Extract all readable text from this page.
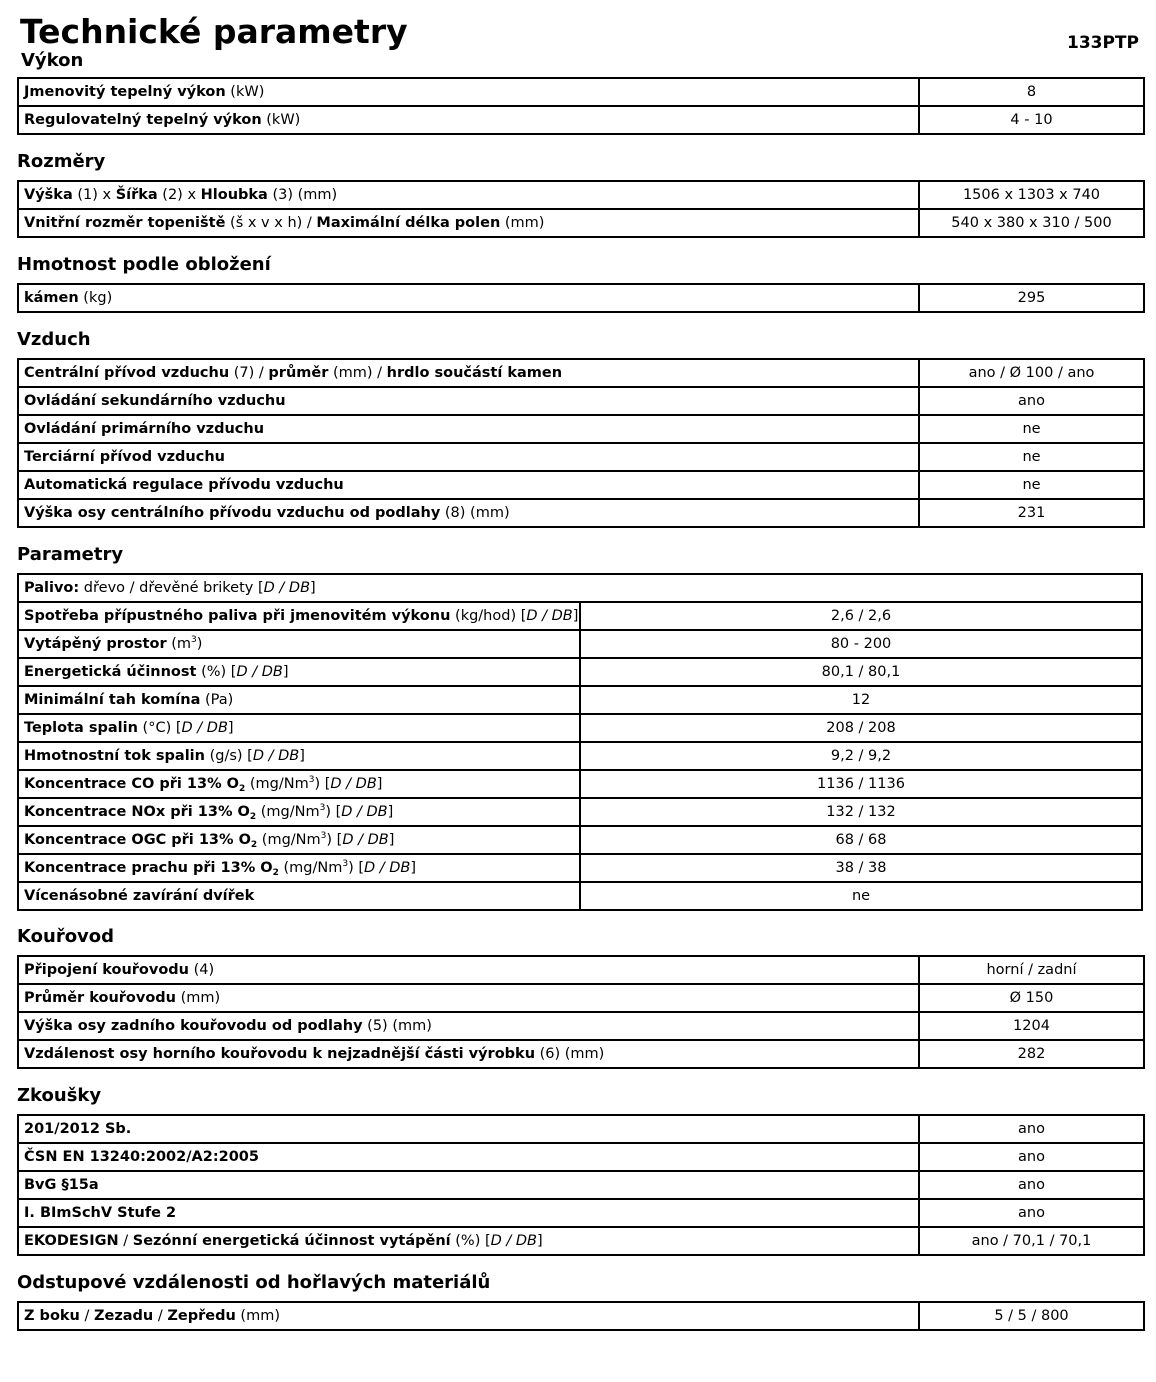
Technické parametry	133PTP
Výkon
Jmenovitý tepelný výkon (kW)	8
Regulovatelný tepelný výkon (kW)	4 - 10
Rozměry
Výška (1) x Šířka (2) x Hloubka (3) (mm)	1506 x 1303 x 740
Vnitřní rozměr topeniště (š x v x h) / Maximální délka polen (mm)	540 x 380 x 310 / 500
Hmotnost podle obložení
kámen (kg)	295
Vzduch
Centrální přívod vzduchu (7) / průměr (mm) / hrdlo součástí kamen	ano / Ø 100 / ano
Ovládání sekundárního vzduchu	ano
Ovládání primárního vzduchu	ne
Terciární přívod vzduchu	ne
Automatická regulace přívodu vzduchu	ne
Výška osy centrálního přívodu vzduchu od podlahy (8) (mm)	231
Parametry
Palivo: dřevo / dřevěné brikety [D / DB]	
Spotřeba přípustného paliva při jmenovitém výkonu (kg/hod) [D / DB]	2,6 / 2,6
Vytápěný prostor $(m^3)$	80 - 200
Energetická účinnost (%) [D / DB]	80,1 / 80,1
Minimální tah komína (Pa)	12
Teplota spalin (°C) [D / DB]	208 / 208
Hmotnostní tok spalin (g/s) [D / DB]	9,2 / 9,2
Koncentrace CO při 13% $O_2$ (mg/Nm$^3$) [D / DB]	1136 / 1136
Koncentrace NOx při 13% $O_2$ (mg/Nm$^3$) [D / DB]	132 / 132
Koncentrace OGC při 13% $O_2$ (mg/Nm$^3$) [D / DB]	68 / 68
Koncentrace prachu při 13% $O_2$ (mg/Nm$^3$) [D / DB]	38 / 38
Vícenásobné zavírání dvířek	ne
Kouřovod
Připojení kouřovodu (4)	horní / zadní
Průměr kouřovodu (mm)	Ø 150
Výška osy zadního kouřovodu od podlahy (5) (mm)	1204
Vzdálenost osy horního kouřovodu k nejzadnější části výrobku (6) (mm)	282
Zkoušky
201/2012 Sb.	ano
ČSN EN 13240:2002/A2:2005	ano
BvG §15a	ano
I. BImSchV Stufe 2	ano
EKODESIGN / Sezónní energetická účinnost vytápění (%) [D / DB]	ano / 70,1 / 70,1
Odstupové vzdálenosti od hořlavých materiálů
Z boku / Zezadu / Zepředu (mm)	5 / 5 / 800
